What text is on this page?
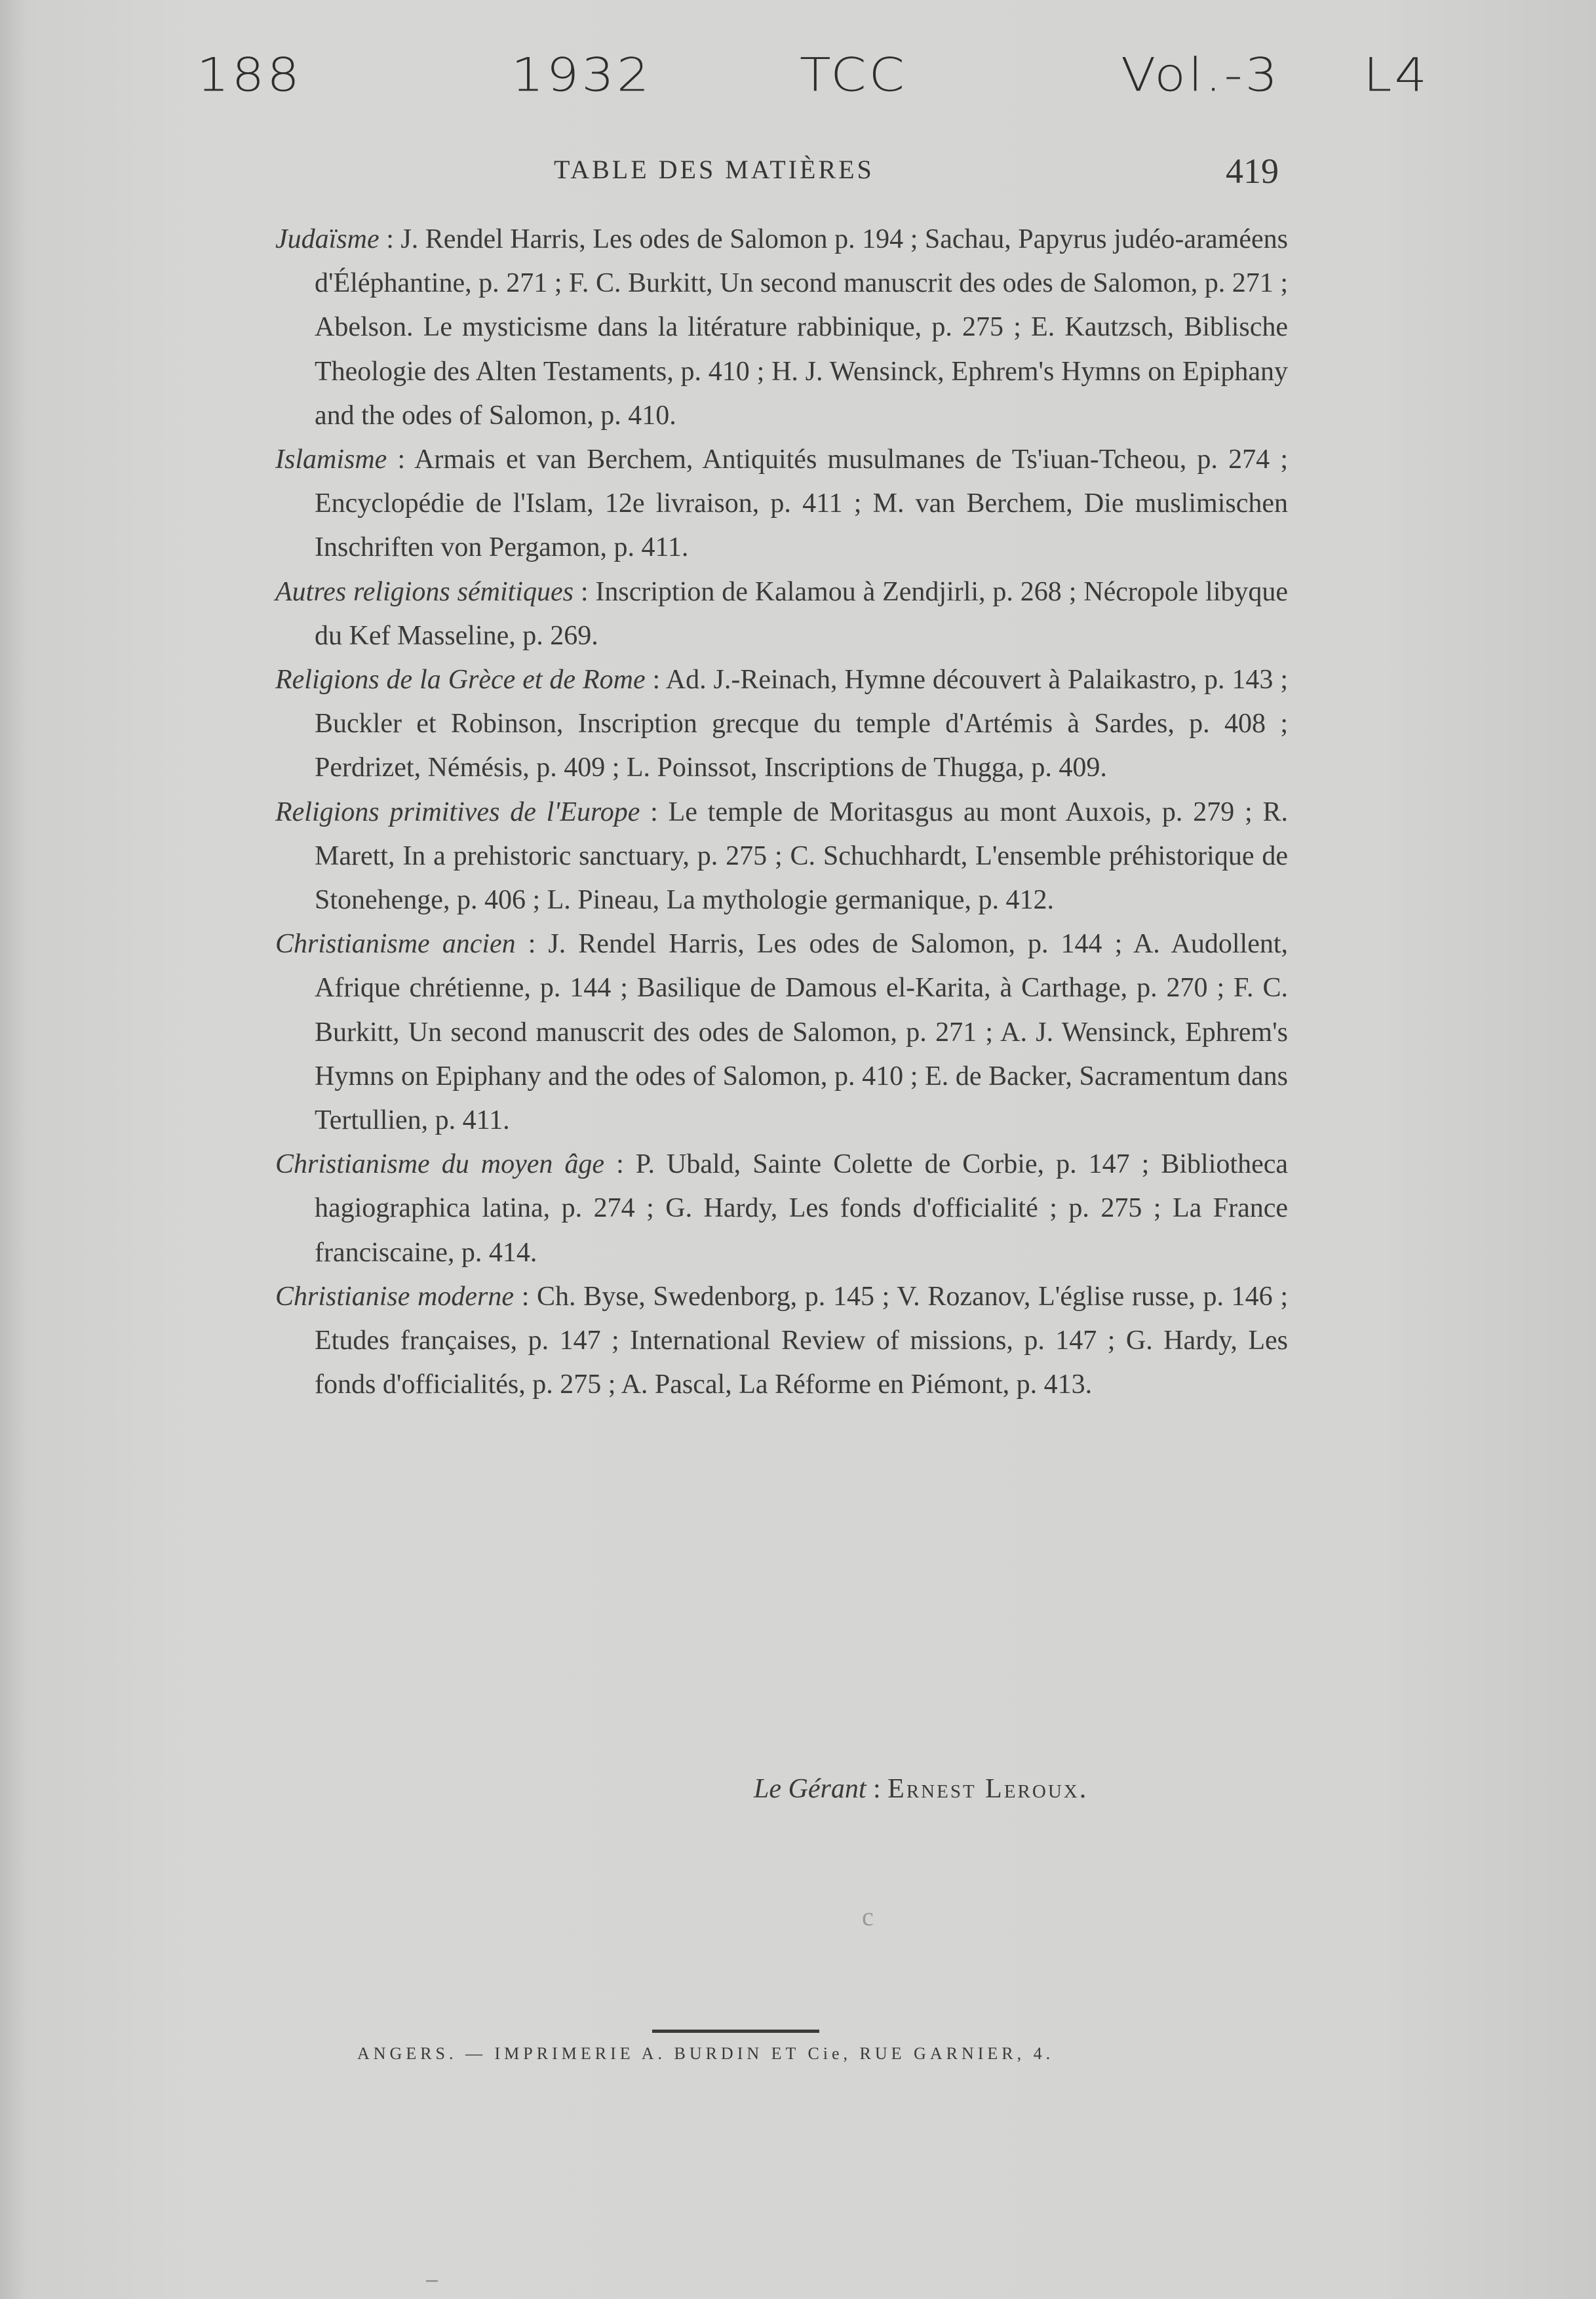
188	1932	TCC	Vol.-3 L4
TABLE DES MATIÈRES	419

Judaïsme : J. Rendel Harris, Les odes de Salomon p. 194 ; Sachau, Papyrus judéo-araméens d'Éléphantine, p. 271 ; F. C. Burkitt, Un second manuscrit des odes de Salomon, p. 271 ; Abelson. Le mysticisme dans la litérature rabbinique, p. 275 ; E. Kautzsch, Biblische Theologie des Alten Testaments, p. 410 ; H. J. Wensinck, Ephrem's Hymns on Epiphany and the odes of Salomon, p. 410.

Islamisme : Armais et van Berchem, Antiquités musulmanes de Ts'iuan-Tcheou, p. 274 ; Encyclopédie de l'Islam, 12e livraison, p. 411 ; M. van Berchem, Die muslimischen Inschriften von Pergamon, p. 411.

Autres religions sémitiques : Inscription de Kalamou à Zendjirli, p. 268 ; Nécropole libyque du Kef Masseline, p. 269.

Religions de la Grèce et de Rome : Ad. J.-Reinach, Hymne découvert à Palaikastro, p. 143 ; Buckler et Robinson, Inscription grecque du temple d'Artémis à Sardes, p. 408 ; Perdrizet, Némésis, p. 409 ; L. Poinssot, Inscriptions de Thugga, p. 409.

Religions primitives de l'Europe : Le temple de Moritasgus au mont Auxois, p. 279 ; R. Marett, In a prehistoric sanctuary, p. 275 ; C. Schuchhardt, L'ensemble préhistorique de Stonehenge, p. 406 ; L. Pineau, La mythologie germanique, p. 412.

Christianisme ancien : J. Rendel Harris, Les odes de Salomon, p. 144 ; A. Audollent, Afrique chrétienne, p. 144 ; Basilique de Damous el-Karita, à Carthage, p. 270 ; F. C. Burkitt, Un second manuscrit des odes de Salomon, p. 271 ; A. J. Wensinck, Ephrem's Hymns on Epiphany and the odes of Salomon, p. 410 ; E. de Backer, Sacramentum dans Tertullien, p. 411.

Christianisme du moyen âge : P. Ubald, Sainte Colette de Corbie, p. 147 ; Bibliotheca hagiographica latina, p. 274 ; G. Hardy, Les fonds d'officialité ; p. 275 ; La France franciscaine, p. 414.

Christianise moderne : Ch. Byse, Swedenborg, p. 145 ; V. Rozanov, L'église russe, p. 146 ; Etudes françaises, p. 147 ; International Review of missions, p. 147 ; G. Hardy, Les fonds d'officialités, p. 275 ; A. Pascal, La Réforme en Piémont, p. 413.

Le Gérant : Ernest Leroux.
c
ANGERS. — IMPRIMERIE A. BURDIN ET Cie, RUE GARNIER, 4.
